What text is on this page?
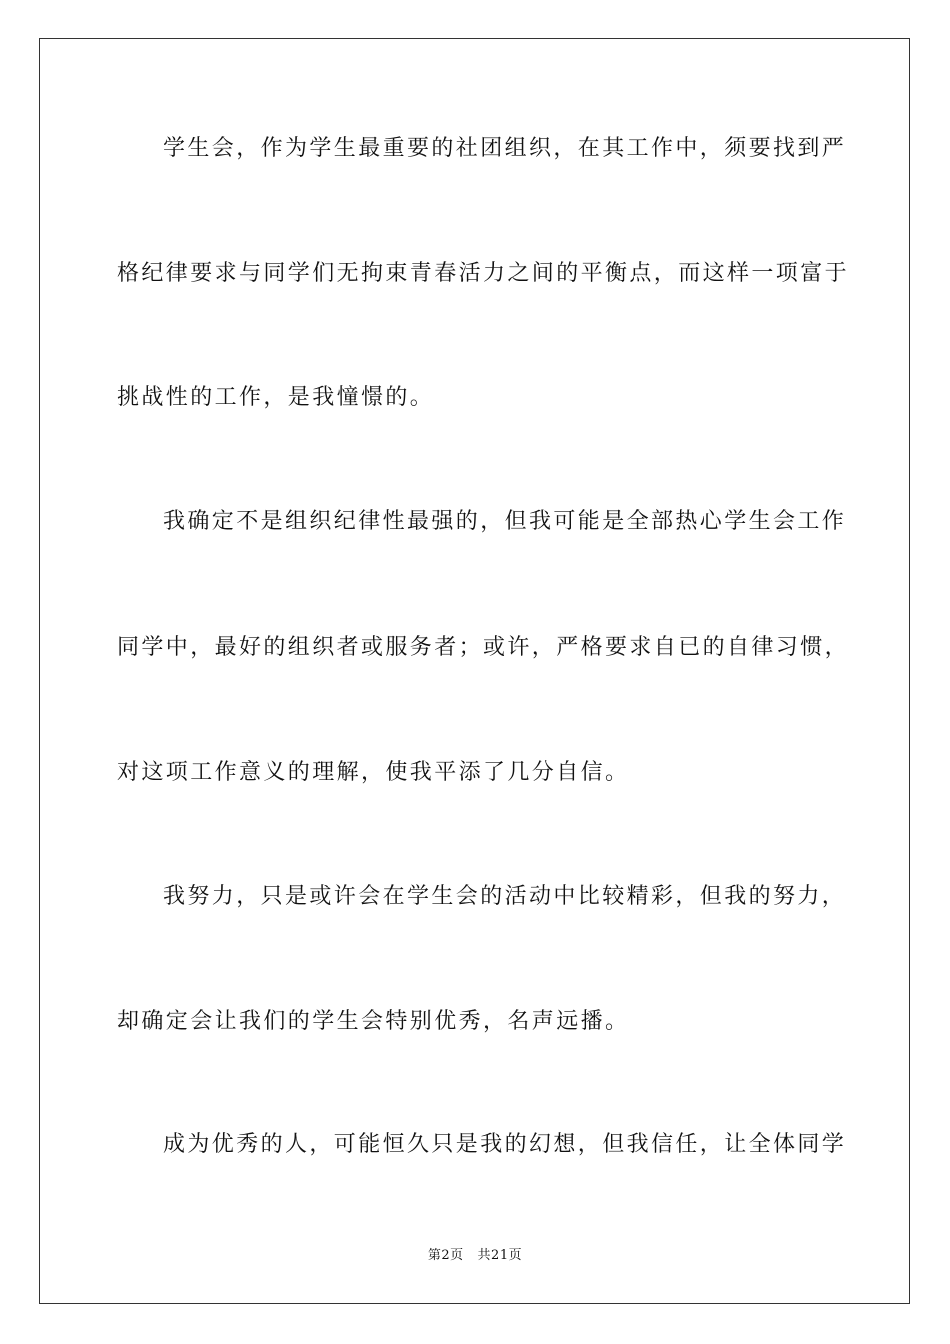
学生会，作为学生最重要的社团组织，在其工作中，须要找到严
格纪律要求与同学们无拘束青春活力之间的平衡点，而这样一项富于
挑战性的工作，是我憧憬的。
我确定不是组织纪律性最强的，但我可能是全部热心学生会工作
同学中，最好的组织者或服务者；或许，严格要求自已的自律习惯，
对这项工作意义的理解，使我平添了几分自信。
我努力，只是或许会在学生会的活动中比较精彩，但我的努力，
却确定会让我们的学生会特别优秀，名声远播。
成为优秀的人，可能恒久只是我的幻想，但我信任，让全体同学
第2页   共21页
